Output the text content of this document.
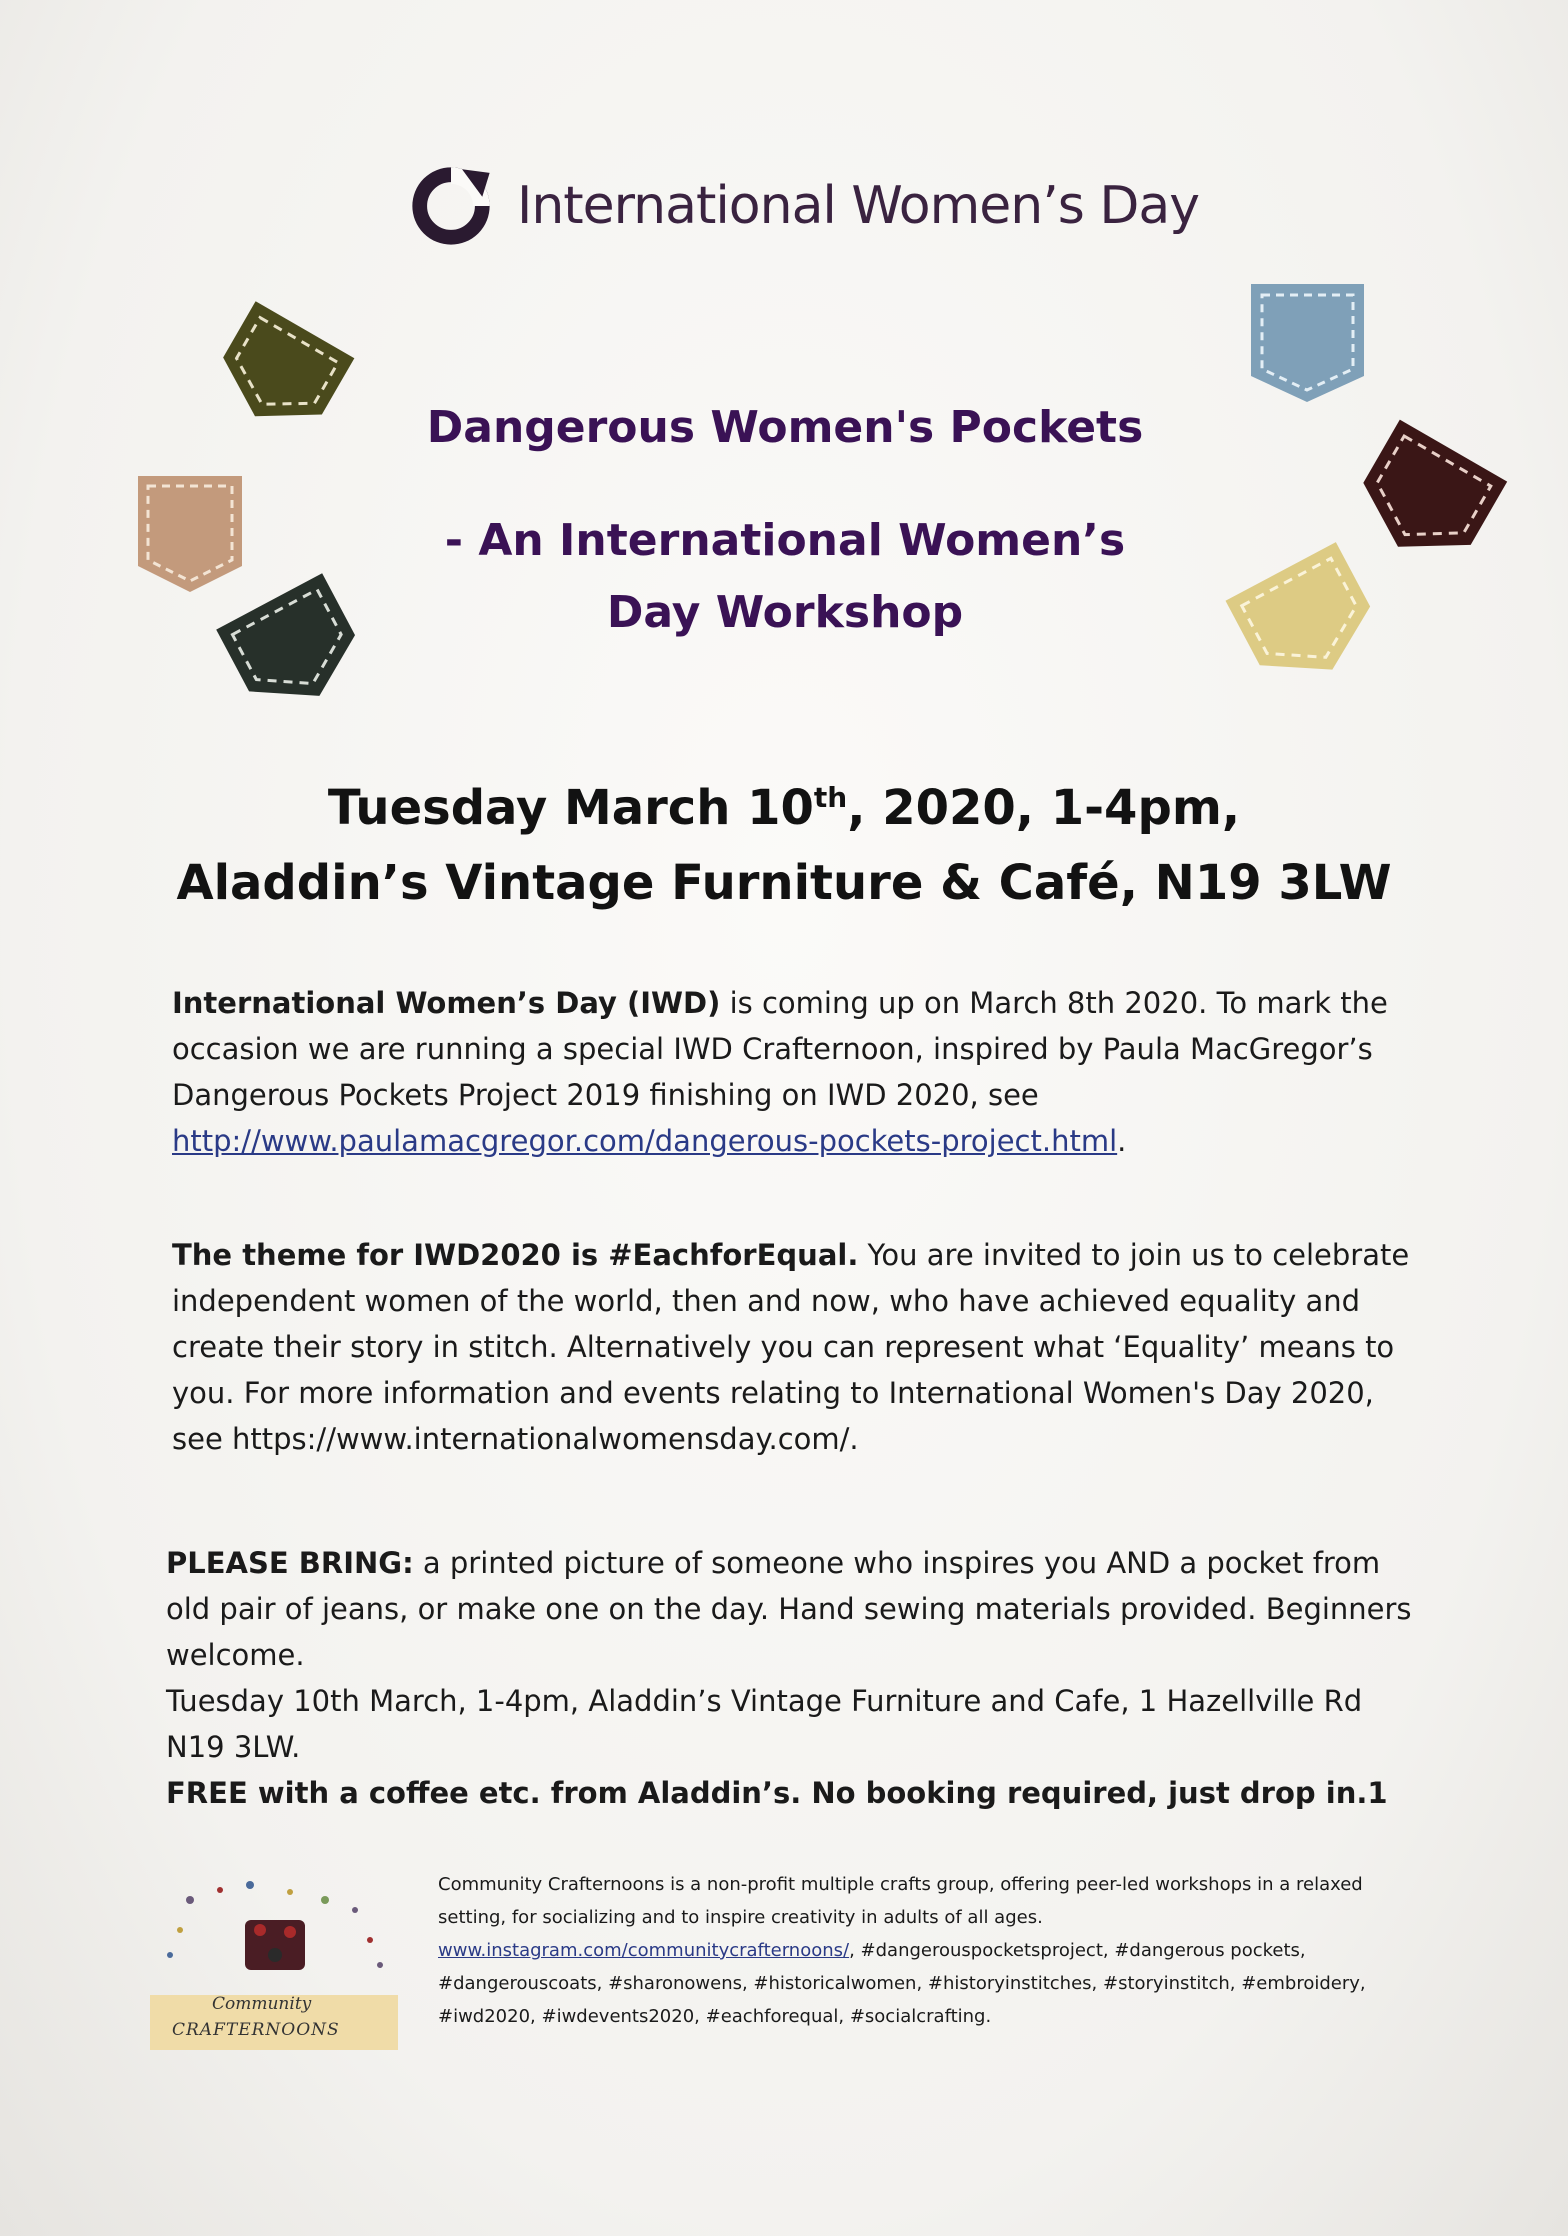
International Women’s Day
Dangerous Women's Pockets
- An International Women’s
Day Workshop
Tuesday March 10th, 2020, 1-4pm,
Aladdin’s Vintage Furniture & Café, N19 3LW
International Women’s Day (IWD) is coming up on March 8th 2020. To mark the occasion we are running a special IWD Crafternoon, inspired by Paula MacGregor’s Dangerous Pockets Project 2019 finishing on IWD 2020, see http://www.paulamacgregor.com/dangerous-pockets-project.html.
The theme for IWD2020 is #EachforEqual. You are invited to join us to celebrate independent women of the world, then and now, who have achieved equality and create their story in stitch. Alternatively you can represent what ‘Equality’ means to you. For more information and events relating to International Women's Day 2020, see https://www.internationalwomensday.com/.
PLEASE BRING: a printed picture of someone who inspires you AND a pocket from old pair of jeans, or make one on the day. Hand sewing materials provided. Beginners welcome.
Tuesday 10th March, 1-4pm, Aladdin’s Vintage Furniture and Cafe, 1 Hazellville Rd N19 3LW.
FREE with a coffee etc. from Aladdin’s. No booking required, just drop in.1
Community
CRAFTERNOONS
Community Crafternoons is a non-profit multiple crafts group, offering peer-led workshops in a relaxed setting, for socializing and to inspire creativity in adults of all ages.
www.instagram.com/communitycrafternoons/, #dangerouspocketsproject, #dangerous pockets, #dangerouscoats, #sharonowens, #historicalwomen, #historyinstitches, #storyinstitch, #embroidery, #iwd2020, #iwdevents2020, #eachforequal, #socialcrafting.
